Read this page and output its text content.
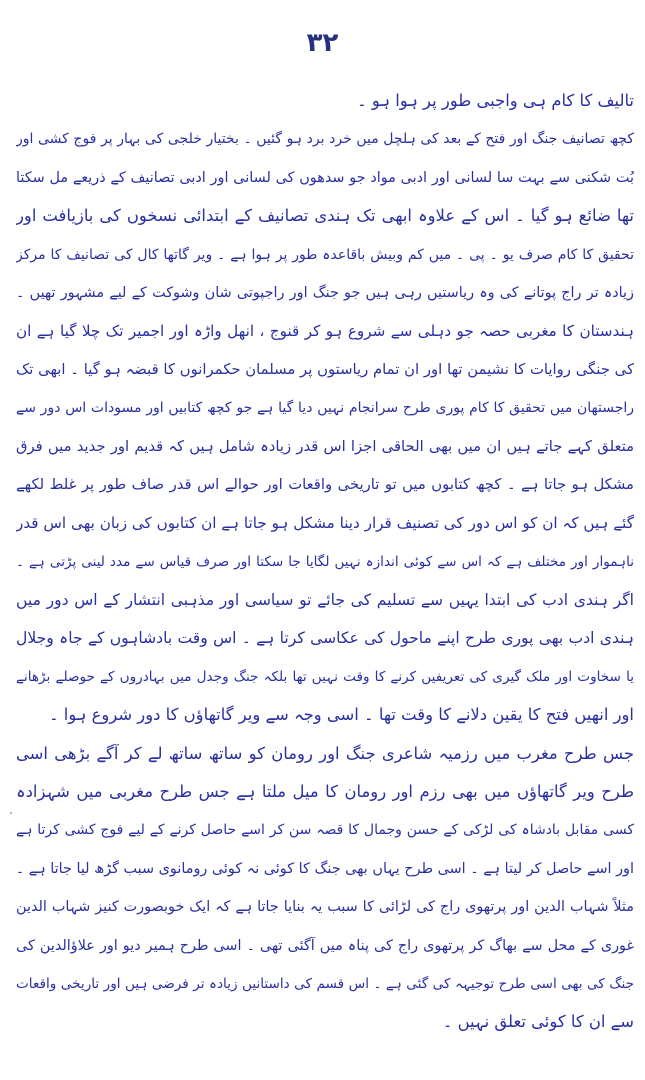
۳۲
تالیف کا کام ہی واجبی طور پر ہوا ہو ۔
کچھ تصانیف جنگ اور فتح کے بعد کی ہلچل میں خرد برد ہو گئیں ۔ بختیار خلجی کی بہار پر فوج کشی اور
بُت شکنی سے بہت سا لسانی اور ادبی مواد جو سدھوں کی لسانی اور ادبی تصانیف کے ذریعے مل سکتا
تھا ضائع ہو گیا ۔ اس کے علاوہ ابھی تک ہندی تصانیف کے ابتدائی نسخوں کی بازیافت اور
تحقیق کا کام صرف یو ۔ پی ۔ میں کم وبیش باقاعدہ طور پر ہوا ہے ۔ ویر گاتھا کال کی تصانیف کا مرکز
زیادہ تر راج پوتانے کی وہ ریاستیں رہی ہیں جو جنگ اور راجپوتی شان وشوکت کے لیے مشہور تھیں ۔
ہندستان کا مغربی حصہ جو دہلی سے شروع ہو کر قنوج ، انھل واڑہ اور اجمیر تک چلا گیا ہے ان
کی جنگی روایات کا نشیمن تھا اور ان تمام ریاستوں پر مسلمان حکمرانوں کا قبضہ ہو گیا ۔ ابھی تک
راجستھان میں تحقیق کا کام پوری طرح سرانجام نہیں دیا گیا ہے جو کچھ کتابیں اور مسودات اس دور سے
متعلق کہے جاتے ہیں ان میں بھی الحاقی اجزا اس قدر زیادہ شامل ہیں کہ قدیم اور جدید میں فرق
مشکل ہو جاتا ہے ۔ کچھ کتابوں میں تو تاریخی واقعات اور حوالے اس قدر صاف طور پر غلط لکھے
گئے ہیں کہ ان کو اس دور کی تصنیف قرار دینا مشکل ہو جاتا ہے ان کتابوں کی زبان بھی اس قدر
ناہموار اور مختلف ہے کہ اس سے کوئی اندازہ نہیں لگایا جا سکتا اور صرف قیاس سے مدد لینی پڑتی ہے ۔
اگر ہندی ادب کی ابتدا یہیں سے تسلیم کی جائے تو سیاسی اور مذہبی انتشار کے اس دور میں
ہندی ادب بھی پوری طرح اپنے ماحول کی عکاسی کرتا ہے ۔ اس وقت بادشاہوں کے جاہ وجلال
یا سخاوت اور ملک گیری کی تعریفیں کرنے کا وقت نہیں تھا بلکہ جنگ وجدل میں بہادروں کے حوصلے بڑھانے
اور انھیں فتح کا یقین دلانے کا وقت تھا ۔ اسی وجہ سے ویر گاتھاؤں کا دور شروع ہوا ۔
جس طرح مغرب میں رزمیہ شاعری جنگ اور رومان کو ساتھ ساتھ لے کر آگے بڑھی اسی
طرح ویر گاتھاؤں میں بھی رزم اور رومان کا میل ملتا ہے جس طرح مغربی میں شہزادہ
کسی مقابل بادشاہ کی لڑکی کے حسن وجمال کا قصہ سن کر اسے حاصل کرنے کے لیے فوج کشی کرتا ہے
اور اسے حاصل کر لیتا ہے ۔ اسی طرح یہاں بھی جنگ کا کوئی نہ کوئی رومانوی سبب گڑھ لیا جاتا ہے ۔
مثلاً شہاب الدین اور پرتھوی راج کی لڑائی کا سبب یہ بنایا جاتا ہے کہ ایک خوبصورت کنیز شہاب الدین
غوری کے محل سے بھاگ کر پرتھوی راج کی پناہ میں آگئی تھی ۔ اسی طرح ہمیر دیو اور علاؤالدین کی
جنگ کی بھی اسی طرح توجیہہ کی گئی ہے ۔ اس قسم کی داستانیں زیادہ تر فرضی ہیں اور تاریخی واقعات
سے ان کا کوئی تعلق نہیں ۔
